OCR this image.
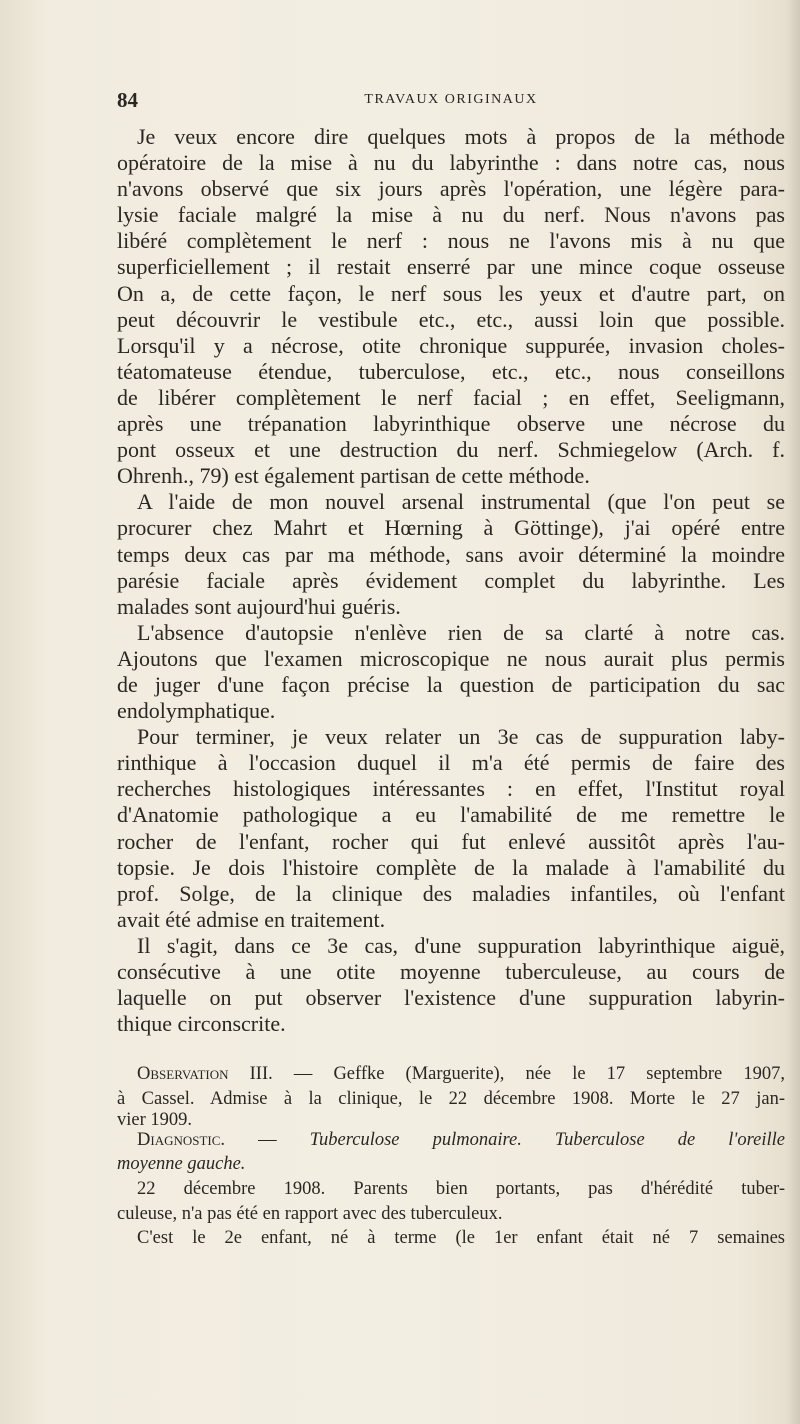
84	TRAVAUX ORIGINAUX
Je veux encore dire quelques mots à propos de la méthode
opératoire de la mise à nu du labyrinthe : dans notre cas, nous
n'avons observé que six jours après l'opération, une légère para-
lysie faciale malgré la mise à nu du nerf. Nous n'avons pas
libéré complètement le nerf : nous ne l'avons mis à nu que
superficiellement ; il restait enserré par une mince coque osseuse
On a, de cette façon, le nerf sous les yeux et d'autre part, on
peut découvrir le vestibule etc., etc., aussi loin que possible.
Lorsqu'il y a nécrose, otite chronique suppurée, invasion choles-
téatomateuse étendue, tuberculose, etc., etc., nous conseillons
de libérer complètement le nerf facial ; en effet, Seeligmann,
après une trépanation labyrinthique observe une nécrose du
pont osseux et une destruction du nerf. Schmiegelow (Arch. f.
Ohrenh., 79) est également partisan de cette méthode.
A l'aide de mon nouvel arsenal instrumental (que l'on peut se
procurer chez Mahrt et Hœrning à Göttinge), j'ai opéré entre
temps deux cas par ma méthode, sans avoir déterminé la moindre
parésie faciale après évidement complet du labyrinthe. Les
malades sont aujourd'hui guéris.
L'absence d'autopsie n'enlève rien de sa clarté à notre cas.
Ajoutons que l'examen microscopique ne nous aurait plus permis
de juger d'une façon précise la question de participation du sac
endolymphatique.
Pour terminer, je veux relater un 3e cas de suppuration laby-
rinthique à l'occasion duquel il m'a été permis de faire des
recherches histologiques intéressantes : en effet, l'Institut royal
d'Anatomie pathologique a eu l'amabilité de me remettre le
rocher de l'enfant, rocher qui fut enlevé aussitôt après l'au-
topsie. Je dois l'histoire complète de la malade à l'amabilité du
prof. Solge, de la clinique des maladies infantiles, où l'enfant
avait été admise en traitement.
Il s'agit, dans ce 3e cas, d'une suppuration labyrinthique aiguë,
consécutive à une otite moyenne tuberculeuse, au cours de
laquelle on put observer l'existence d'une suppuration labyrin-
thique circonscrite.
Observation III. — Geffke (Marguerite), née le 17 septembre 1907,
à Cassel. Admise à la clinique, le 22 décembre 1908. Morte le 27 jan-
vier 1909.
Diagnostic. — Tuberculose pulmonaire. Tuberculose de l'oreille
moyenne gauche.
22 décembre 1908. Parents bien portants, pas d'hérédité tuber-
culeuse, n'a pas été en rapport avec des tuberculeux.
C'est le 2e enfant, né à terme (le 1er enfant était né 7 semaines
